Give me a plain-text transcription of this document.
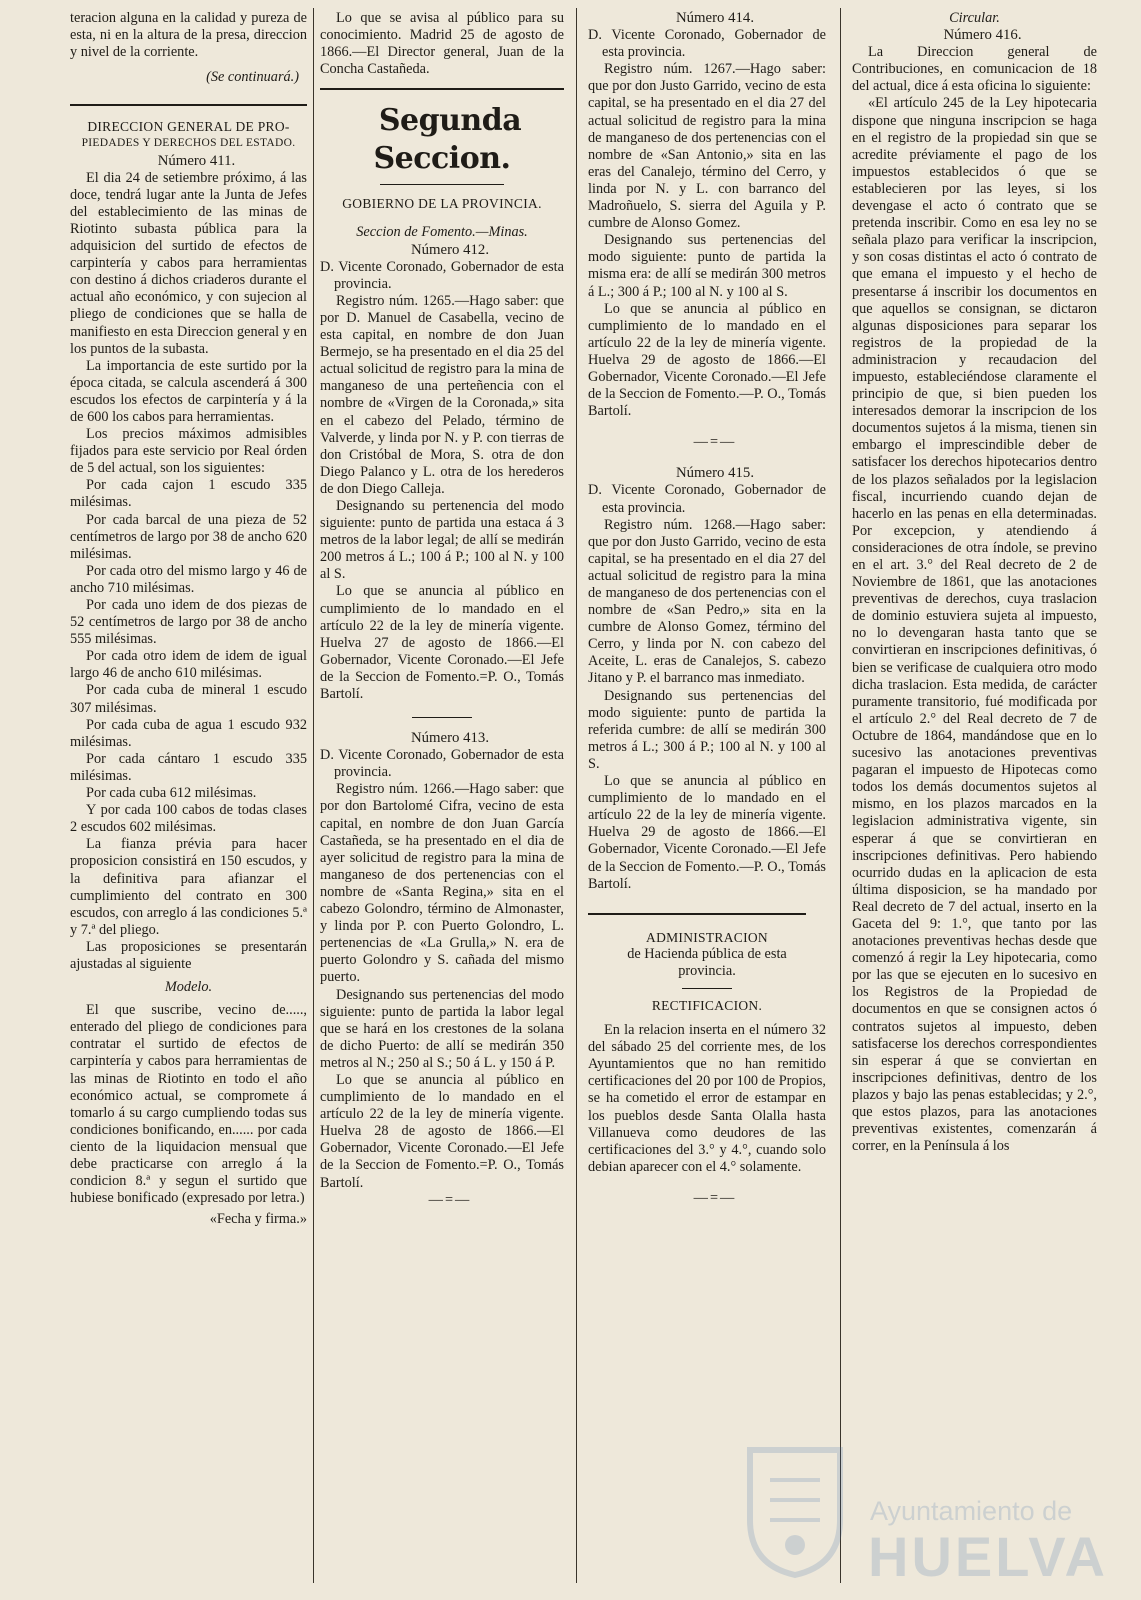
teracion alguna en la calidad y pureza de esta, ni en la altura de la presa, direccion y nivel de la corriente.

(Se continuará.)

DIRECCION GENERAL DE PRO-

PIEDADES Y DERECHOS DEL ESTADO.

Número 411.

El dia 24 de setiembre próximo, á las doce, tendrá lugar ante la Junta de Jefes del establecimiento de las minas de Riotinto subasta pública para la adquisicion del surtido de efectos de carpintería y cabos para herramientas con destino á dichos criaderos durante el actual año económico, y con sujecion al pliego de condiciones que se halla de manifiesto en esta Direccion general y en los puntos de la subasta.

La importancia de este surtido por la época citada, se calcula ascenderá á 300 escudos los efectos de carpintería y á la de 600 los cabos para herramientas.

Los precios máximos admisibles fijados para este servicio por Real órden de 5 del actual, son los siguientes:

Por cada cajon 1 escudo 335 milésimas.

Por cada barcal de una pieza de 52 centímetros de largo por 38 de ancho 620 milésimas.

Por cada otro del mismo largo y 46 de ancho 710 milésimas.

Por cada uno idem de dos piezas de 52 centímetros de largo por 38 de ancho 555 milésimas.

Por cada otro idem de idem de igual largo 46 de ancho 610 milésimas.

Por cada cuba de mineral 1 escudo 307 milésimas.

Por cada cuba de agua 1 escudo 932 milésimas.

Por cada cántaro 1 escudo 335 milésimas.

Por cada cuba 612 milésimas.

Y por cada 100 cabos de todas clases 2 escudos 602 milésimas.

La fianza prévia para hacer proposicion consistirá en 150 escudos, y la definitiva para afianzar el cumplimiento del contrato en 300 escudos, con arreglo á las condiciones 5.ª y 7.ª del pliego.

Las proposiciones se presentarán ajustadas al siguiente

Modelo.

El que suscribe, vecino de....., enterado del pliego de condiciones para contratar el surtido de efectos de carpintería y cabos para herramientas de las minas de Riotinto en todo el año económico actual, se compromete á tomarlo á su cargo cumpliendo todas sus condiciones bonificando, en...... por cada ciento de la liquidacion mensual que debe practicarse con arreglo á la condicion 8.ª y segun el surtido que hubiese bonificado (expresado por letra.)

«Fecha y firma.»

Lo que se avisa al público para su conocimiento. Madrid 25 de agosto de 1866.—El Director general, Juan de la Concha Castañeda.

Segunda Seccion.

GOBIERNO DE LA PROVINCIA.

Seccion de Fomento.—Minas.

Número 412.

D. Vicente Coronado, Gobernador de esta provincia.

Registro núm. 1265.—Hago saber: que por D. Manuel de Casabella, vecino de esta capital, en nombre de don Juan Bermejo, se ha presentado en el dia 25 del actual solicitud de registro para la mina de manganeso de una perteñencia con el nombre de «Virgen de la Coronada,» sita en el cabezo del Pelado, término de Valverde, y linda por N. y P. con tierras de don Cristóbal de Mora, S. otra de don Diego Palanco y L. otra de los herederos de don Diego Calleja.

Designando su pertenencia del modo siguiente: punto de partida una estaca á 3 metros de la labor legal; de allí se medirán 200 metros á L.; 100 á P.; 100 al N. y 100 al S.

Lo que se anuncia al público en cumplimiento de lo mandado en el artículo 22 de la ley de minería vigente. Huelva 27 de agosto de 1866.—El Gobernador, Vicente Coronado.—El Jefe de la Seccion de Fomento.=P. O., Tomás Bartolí.

Número 413.

D. Vicente Coronado, Gobernador de esta provincia.

Registro núm. 1266.—Hago saber: que por don Bartolomé Cifra, vecino de esta capital, en nombre de don Juan García Castañeda, se ha presentado en el dia de ayer solicitud de registro para la mina de manganeso de dos pertenencias con el nombre de «Santa Regina,» sita en el cabezo Golondro, término de Almonaster, y linda por P. con Puerto Golondro, L. pertenencias de «La Grulla,» N. era de puerto Golondro y S. cañada del mismo puerto.

Designando sus pertenencias del modo siguiente: punto de partida la labor legal que se hará en los crestones de la solana de dicho Puerto: de allí se medirán 350 metros al N.; 250 al S.; 50 á L. y 150 á P.

Lo que se anuncia al público en cumplimiento de lo mandado en el artículo 22 de la ley de minería vigente. Huelva 28 de agosto de 1866.—El Gobernador, Vicente Coronado.—El Jefe de la Seccion de Fomento.=P. O., Tomás Bartolí.

—=—

Número 414.

D. Vicente Coronado, Gobernador de esta provincia.

Registro núm. 1267.—Hago saber: que por don Justo Garrido, vecino de esta capital, se ha presentado en el dia 27 del actual solicitud de registro para la mina de manganeso de dos pertenencias con el nombre de «San Antonio,» sita en las eras del Canalejo, término del Cerro, y linda por N. y L. con barranco del Madroñuelo, S. sierra del Aguila y P. cumbre de Alonso Gomez.

Designando sus pertenencias del modo siguiente: punto de partida la misma era: de allí se medirán 300 metros á L.; 300 á P.; 100 al N. y 100 al S.

Lo que se anuncia al público en cumplimiento de lo mandado en el artículo 22 de la ley de minería vigente. Huelva 29 de agosto de 1866.—El Gobernador, Vicente Coronado.—El Jefe de la Seccion de Fomento.—P. O., Tomás Bartolí.

—=—

Número 415.

D. Vicente Coronado, Gobernador de esta provincia.

Registro núm. 1268.—Hago saber: que por don Justo Garrido, vecino de esta capital, se ha presentado en el dia 27 del actual solicitud de registro para la mina de manganeso de dos pertenencias con el nombre de «San Pedro,» sita en la cumbre de Alonso Gomez, término del Cerro, y linda por N. con cabezo del Aceite, L. eras de Canalejos, S. cabezo Jitano y P. el barranco mas inmediato.

Designando sus pertenencias del modo siguiente: punto de partida la referida cumbre: de allí se medirán 300 metros á L.; 300 á P.; 100 al N. y 100 al S.

Lo que se anuncia al público en cumplimiento de lo mandado en el artículo 22 de la ley de minería vigente. Huelva 29 de agosto de 1866.—El Gobernador, Vicente Coronado.—El Jefe de la Seccion de Fomento.—P. O., Tomás Bartolí.

ADMINISTRACION

de Hacienda pública de esta provincia.

RECTIFICACION.

En la relacion inserta en el número 32 del sábado 25 del corriente mes, de los Ayuntamientos que no han remitido certificaciones del 20 por 100 de Propios, se ha cometido el error de estampar en los pueblos desde Santa Olalla hasta Villanueva como deudores de las certificaciones del 3.° y 4.°, cuando solo debian aparecer con el 4.° solamente.

—=—

Circular.

Número 416.

La Direccion general de Contribuciones, en comunicacion de 18 del actual, dice á esta oficina lo siguiente:

«El artículo 245 de la Ley hipotecaria dispone que ninguna inscripcion se haga en el registro de la propiedad sin que se acredite préviamente el pago de los impuestos establecidos ó que se establecieren por las leyes, si los devengase el acto ó contrato que se pretenda inscribir. Como en esa ley no se señala plazo para verificar la inscripcion, y son cosas distintas el acto ó contrato de que emana el impuesto y el hecho de presentarse á inscribir los documentos en que aquellos se consignan, se dictaron algunas disposiciones para separar los registros de la propiedad de la administracion y recaudacion del impuesto, estableciéndose claramente el principio de que, si bien pueden los interesados demorar la inscripcion de los documentos sujetos á la misma, tienen sin embargo el imprescindible deber de satisfacer los derechos hipotecarios dentro de los plazos señalados por la legislacion fiscal, incurriendo cuando dejan de hacerlo en las penas en ella determinadas. Por excepcion, y atendiendo á consideraciones de otra índole, se previno en el art. 3.° del Real decreto de 2 de Noviembre de 1861, que las anotaciones preventivas de derechos, cuya traslacion de dominio estuviera sujeta al impuesto, no lo devengaran hasta tanto que se convirtieran en inscripciones definitivas, ó bien se verificase de cualquiera otro modo dicha traslacion. Esta medida, de carácter puramente transitorio, fué modificada por el artículo 2.° del Real decreto de 7 de Octubre de 1864, mandándose que en lo sucesivo las anotaciones preventivas pagaran el impuesto de Hipotecas como todos los demás documentos sujetos al mismo, en los plazos marcados en la legislacion administrativa vigente, sin esperar á que se convirtieran en inscripciones definitivas. Pero habiendo ocurrido dudas en la aplicacion de esta última disposicion, se ha mandado por Real decreto de 7 del actual, inserto en la Gaceta del 9: 1.°, que tanto por las anotaciones preventivas hechas desde que comenzó á regir la Ley hipotecaria, como por las que se ejecuten en lo sucesivo en los Registros de la Propiedad de documentos en que se consignen actos ó contratos sujetos al impuesto, deben satisfacerse los derechos correspondientes sin esperar á que se conviertan en inscripciones definitivas, dentro de los plazos y bajo las penas establecidas; y 2.°, que estos plazos, para las anotaciones preventivas existentes, comenzarán á correr, en la Península á los

Ayuntamiento de
HUELVA
